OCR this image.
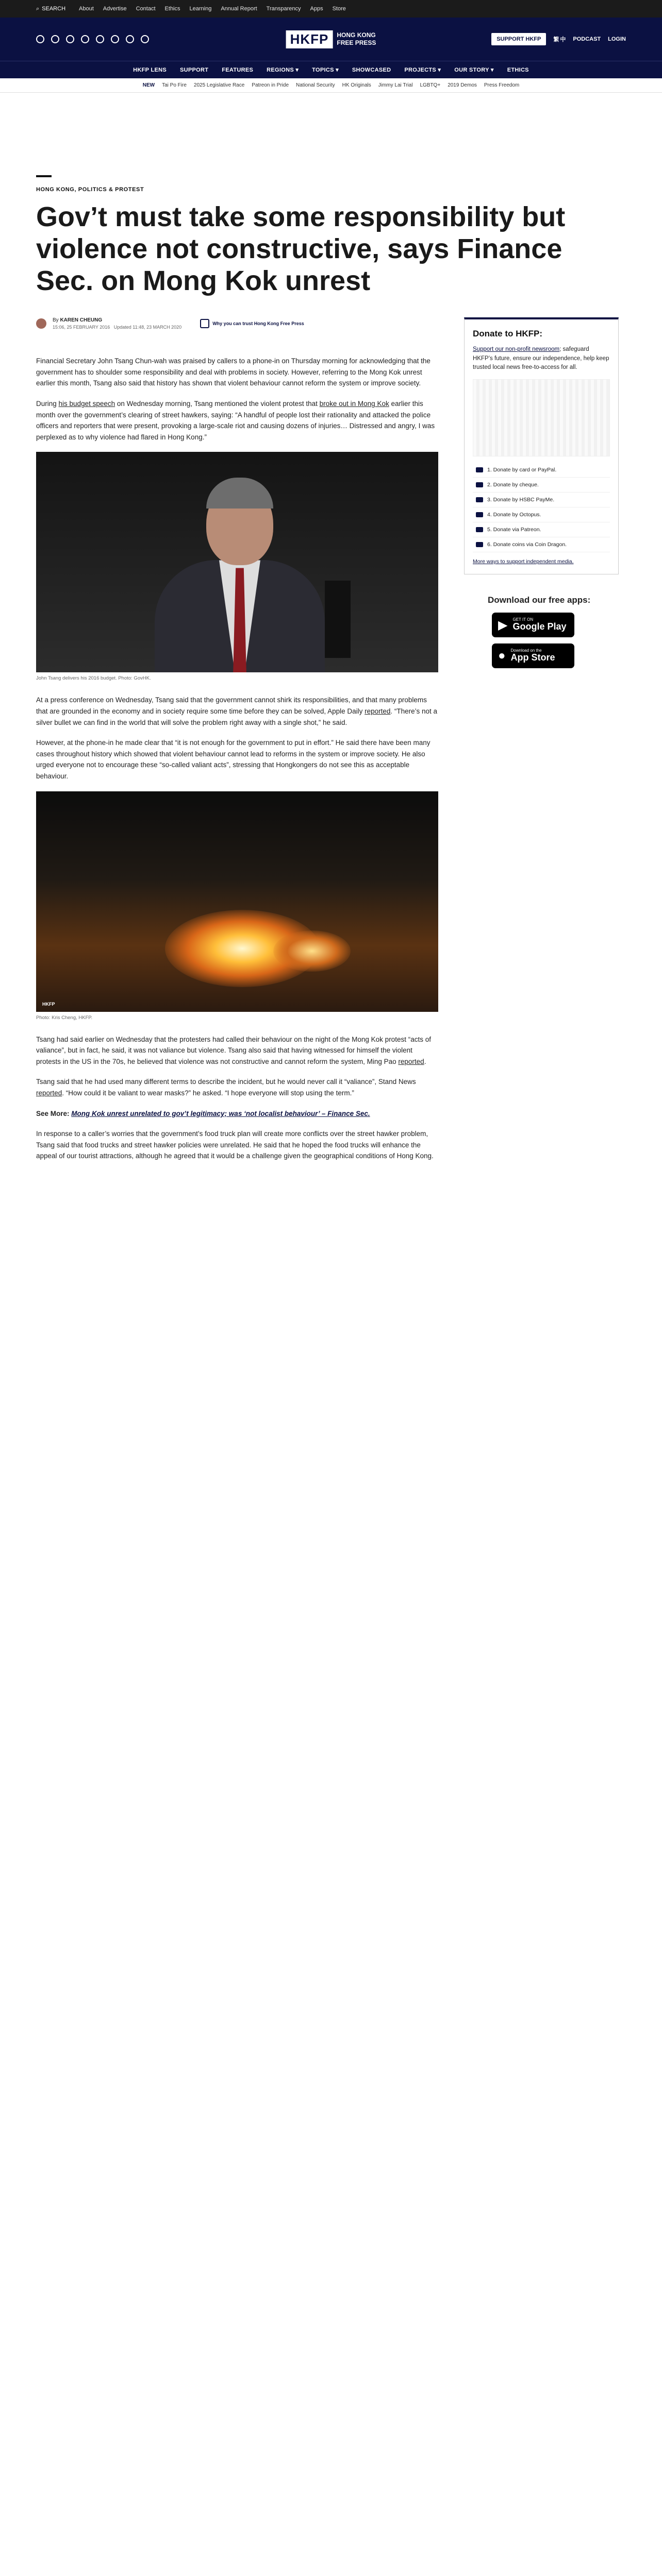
⌕ SEARCH About Advertise Contact Ethics Learning Annual Report Transparency Apps Store
HKFP	HONG KONG
FREE PRESS	SUPPORT HKFP	繁 中 PODCAST LOGIN
HKFP LENS SUPPORT FEATURES REGIONS ▾ TOPICS ▾ SHOWCASED PROJECTS ▾ OUR STORY ▾ ETHICS
NEW Tai Po Fire 2025 Legislative Race Patreon in Pride National Security HK Originals Jimmy Lai Trial LGBTQ+ 2019 Demos Press Freedom
HONG KONG, POLITICS & PROTEST
Gov’t must take some responsibility but violence not constructive, says Finance Sec. on Mong Kok unrest
By KAREN CHEUNG
15:06, 25 FEBRUARY 2016 Updated 11:48, 23 MARCH 2020
Why you can trust Hong Kong Free Press

Financial Secretary John Tsang Chun-wah was praised by callers to a phone-in on Thursday morning for acknowledging that the government has to shoulder some responsibility and deal with problems in society. However, referring to the Mong Kok unrest earlier this month, Tsang also said that history has shown that violent behaviour cannot reform the system or improve society.

During his budget speech on Wednesday morning, Tsang mentioned the violent protest that broke out in Mong Kok earlier this month over the government’s clearing of street hawkers, saying: “A handful of people lost their rationality and attacked the police officers and reporters that were present, provoking a large-scale riot and causing dozens of injuries… Distressed and angry, I was perplexed as to why violence had flared in Hong Kong.”

John Tsang delivers his 2016 budget. Photo: GovHK.

At a press conference on Wednesday, Tsang said that the government cannot shirk its responsibilities, and that many problems that are grounded in the economy and in society require some time before they can be solved, Apple Daily reported. “There’s not a silver bullet we can find in the world that will solve the problem right away with a single shot,” he said.

However, at the phone-in he made clear that “it is not enough for the government to put in effort.” He said there have been many cases throughout history which showed that violent behaviour cannot lead to reforms in the system or improve society. He also urged everyone not to encourage these “so-called valiant acts”, stressing that Hongkongers do not see this as acceptable behaviour.

HKFP
Photo: Kris Cheng, HKFP.

Tsang had said earlier on Wednesday that the protesters had called their behaviour on the night of the Mong Kok protest “acts of valiance”, but in fact, he said, it was not valiance but violence. Tsang also said that having witnessed for himself the violent protests in the US in the 70s, he believed that violence was not constructive and cannot reform the system, Ming Pao reported.

Tsang said that he had used many different terms to describe the incident, but he would never call it “valiance”, Stand News reported. “How could it be valiant to wear masks?” he asked. “I hope everyone will stop using the term.”

See More: Mong Kok unrest unrelated to gov’t legitimacy; was ‘not localist behaviour’ – Finance Sec.

In response to a caller’s worries that the government’s food truck plan will create more conflicts over the street hawker problem, Tsang said that food trucks and street hawker policies were unrelated. He said that he hoped the food trucks will enhance the appeal of our tourist attractions, although he agreed that it would be a challenge given the geographical conditions of Hong Kong.

Donate to HKFP:
Support our non-profit newsroom; safeguard HKFP’s future, ensure our independence, help keep trusted local news free-to-access for all.
1. Donate by card or PayPal.
2. Donate by cheque.
3. Donate by HSBC PayMe.
4. Donate by Octopus.
5. Donate via Patreon.
6. Donate coins via Coin Dragon.
More ways to support independent media.
Download our free apps:
▶ GET IT ON
Google Play
● Download on the
App Store
